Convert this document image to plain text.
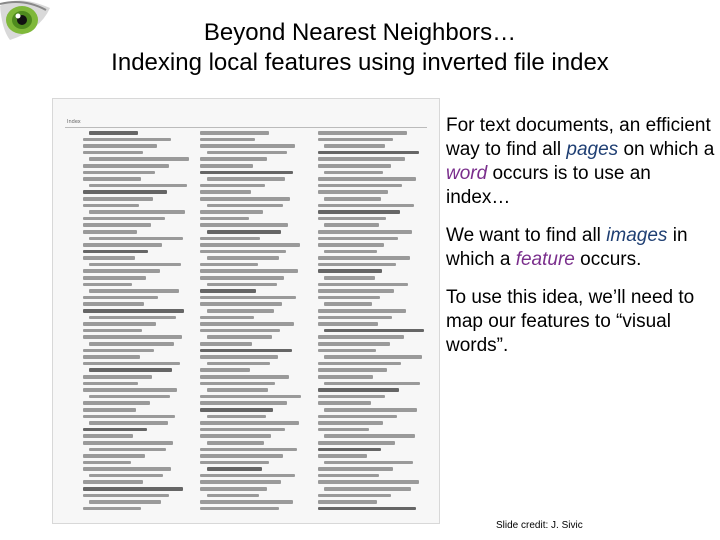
Beyond Nearest Neighbors…
Indexing local features using inverted file index
Index	For text documents, an efficient way to find all pages on which a word occurs is to use an index…
We want to find all images in which a feature occurs.
To use this idea, we’ll need to map our features to “visual words”.
Slide credit: J. Sivic
